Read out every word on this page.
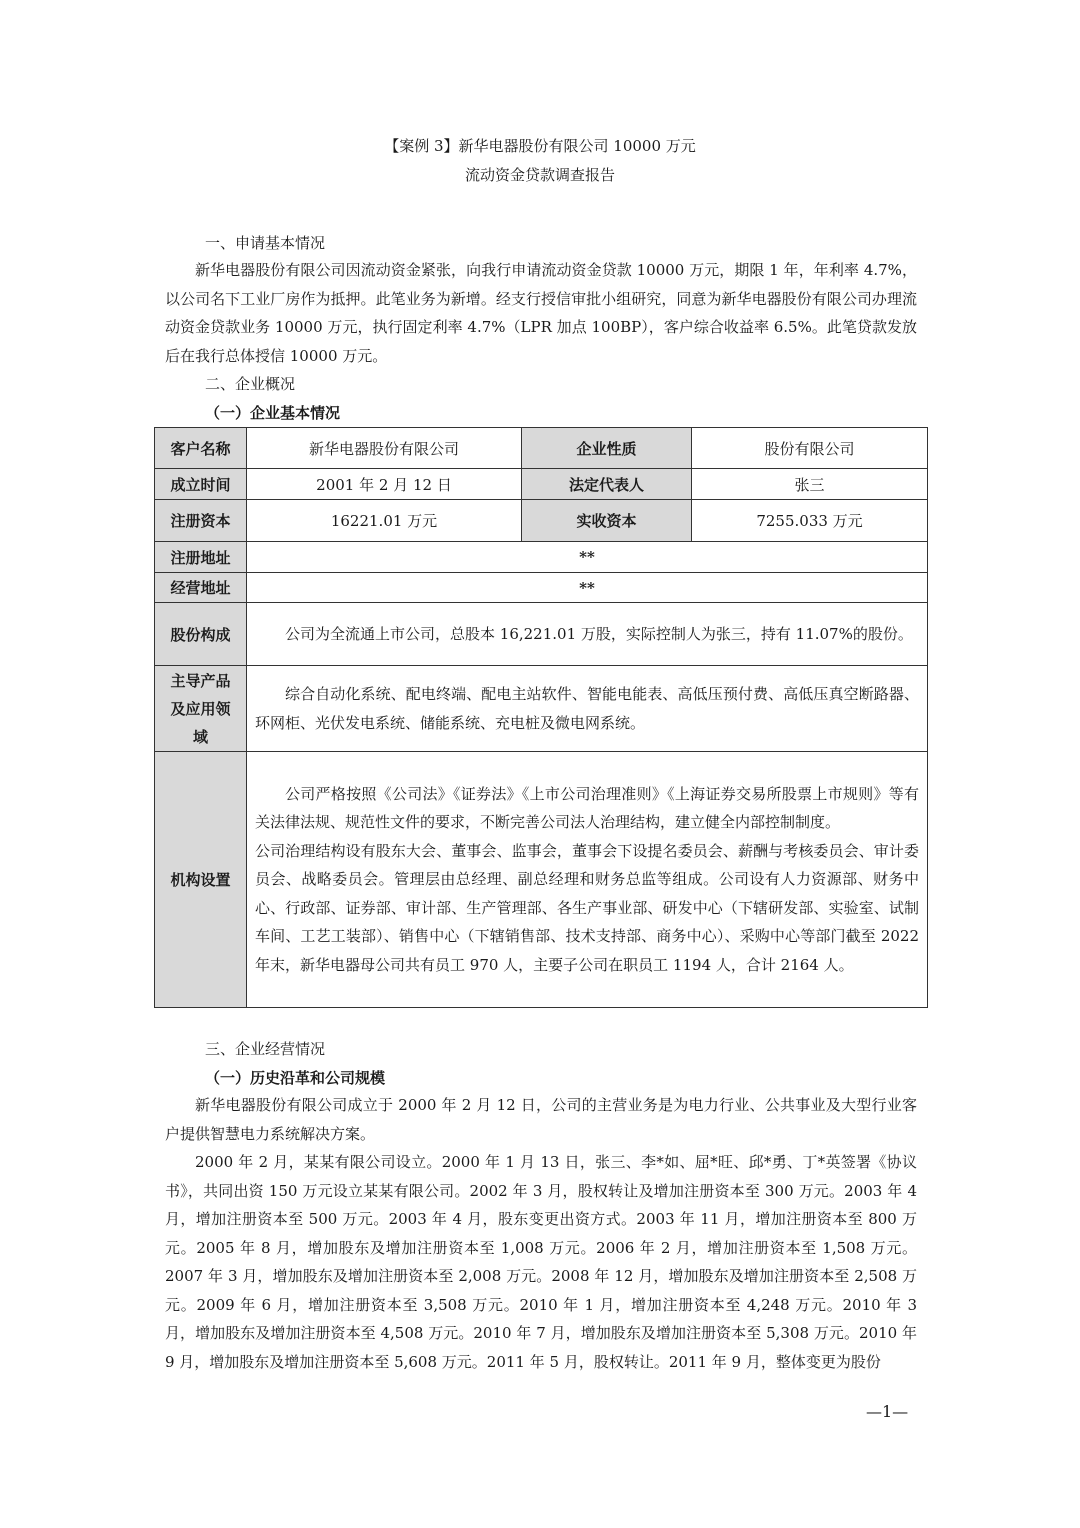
【案例 3】新华电器股份有限公司 10000 万元
流动资金贷款调查报告
一、申请基本情况

新华电器股份有限公司因流动资金紧张，向我行申请流动资金贷款 10000 万元，期限 1 年，年利率 4.7%，以公司名下工业厂房作为抵押。此笔业务为新增。经支行授信审批小组研究，同意为新华电器股份有限公司办理流动资金贷款业务 10000 万元，执行固定利率 4.7%（LPR 加点 100BP），客户综合收益率 6.5%。此笔贷款发放后在我行总体授信 10000 万元。

二、企业概况
（一）企业基本情况
客户名称	新华电器股份有限公司	企业性质	股份有限公司
成立时间	2001 年 2 月 12 日	法定代表人	张三
注册资本	16221.01 万元	实收资本	7255.033 万元
注册地址	**		
经营地址	**		
股份构成	公司为全流通上市公司，总股本 16,221.01 万股，实际控制人为张三，持有 11.07%的股份。		

主导产品
及应用领
域	综合自动化系统、配电终端、配电主站软件、智能电能表、高低压预付费、高低压真空断路器、环网柜、光伏发电系统、储能系统、充电桩及微电网系统。		

机构设置	公司严格按照《公司法》《证券法》《上市公司治理准则》《上海证券交易所股票上市规则》等有关法律法规、规范性文件的要求，不断完善公司法人治理结构，建立健全内部控制制度。
公司治理结构设有股东大会、董事会、监事会，董事会下设提名委员会、薪酬与考核委员会、审计委员会、战略委员会。管理层由总经理、副总经理和财务总监等组成。公司设有人力资源部、财务中心、行政部、证券部、审计部、生产管理部、各生产事业部、研发中心（下辖研发部、实验室、试制车间、工艺工装部）、销售中心（下辖销售部、技术支持部、商务中心）、采购中心等部门截至 2022 年末，新华电器母公司共有员工 970 人，主要子公司在职员工 1194 人，合计 2164 人。		
三、企业经营情况
（一）历史沿革和公司规模

新华电器股份有限公司成立于 2000 年 2 月 12 日，公司的主营业务是为电力行业、公共事业及大型行业客户提供智慧电力系统解决方案。

2000 年 2 月，某某有限公司设立。2000 年 1 月 13 日，张三、李*如、屈*旺、邱*勇、丁*英签署《协议书》，共同出资 150 万元设立某某有限公司。2002 年 3 月，股权转让及增加注册资本至 300 万元。2003 年 4 月，增加注册资本至 500 万元。2003 年 4 月，股东变更出资方式。2003 年 11 月，增加注册资本至 800 万元。2005 年 8 月，增加股东及增加注册资本至 1,008 万元。2006 年 2 月，增加注册资本至 1,508 万元。2007 年 3 月，增加股东及增加注册资本至 2,008 万元。2008 年 12 月，增加股东及增加注册资本至 2,508 万元。2009 年 6 月，增加注册资本至 3,508 万元。2010 年 1 月，增加注册资本至 4,248 万元。2010 年 3 月，增加股东及增加注册资本至 4,508 万元。2010 年 7 月，增加股东及增加注册资本至 5,308 万元。2010 年 9 月，增加股东及增加注册资本至 5,608 万元。2011 年 5 月，股权转让。2011 年 9 月，整体变更为股份

—1—
